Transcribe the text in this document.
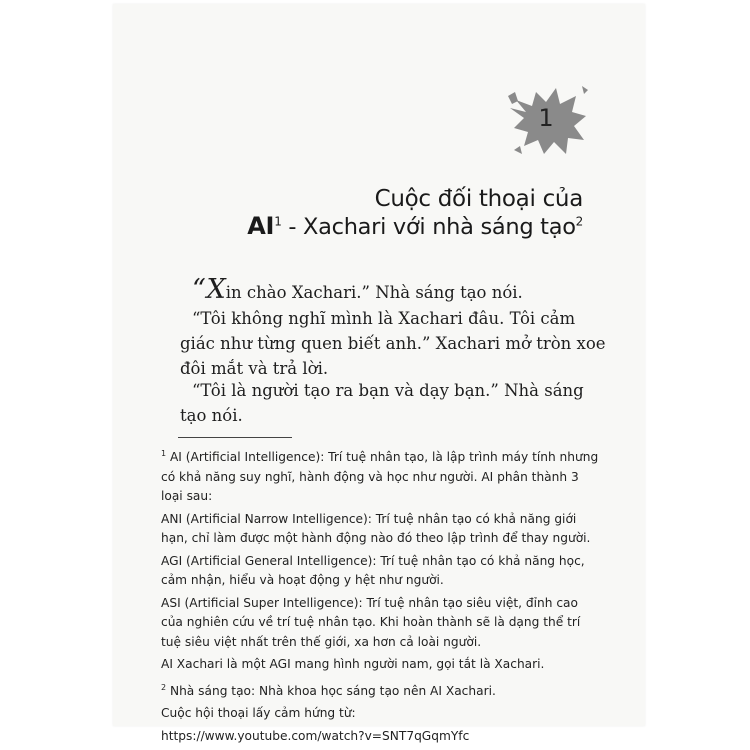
1
Cuộc đối thoại của
$AI^1$ - Xachari với nhà sáng tạo$^2$

“Xin chào Xachari.” Nhà sáng tạo nói.

“Tôi không nghĩ mình là Xachari đâu. Tôi cảm giác như từng quen biết anh.” Xachari mở tròn xoe đôi mắt và trả lời.

“Tôi là người tạo ra bạn và dạy bạn.” Nhà sáng tạo nói.

$^1$ AI (Artificial Intelligence): Trí tuệ nhân tạo, là lập trình máy tính nhưng có khả năng suy nghĩ, hành động và học như người. AI phân thành 3 loại sau:

ANI (Artificial Narrow Intelligence): Trí tuệ nhân tạo có khả năng giới hạn, chỉ làm được một hành động nào đó theo lập trình để thay người.

AGI (Artificial General Intelligence): Trí tuệ nhân tạo có khả năng học, cảm nhận, hiểu và hoạt động y hệt như người.

ASI (Artificial Super Intelligence): Trí tuệ nhân tạo siêu việt, đỉnh cao của nghiên cứu về trí tuệ nhân tạo. Khi hoàn thành sẽ là dạng thể trí tuệ siêu việt nhất trên thế giới, xa hơn cả loài người.

AI Xachari là một AGI mang hình người nam, gọi tắt là Xachari.

$^2$ Nhà sáng tạo: Nhà khoa học sáng tạo nên AI Xachari.

Cuộc hội thoại lấy cảm hứng từ:

https://www.youtube.com/watch?v=SNT7qGqmYfc
